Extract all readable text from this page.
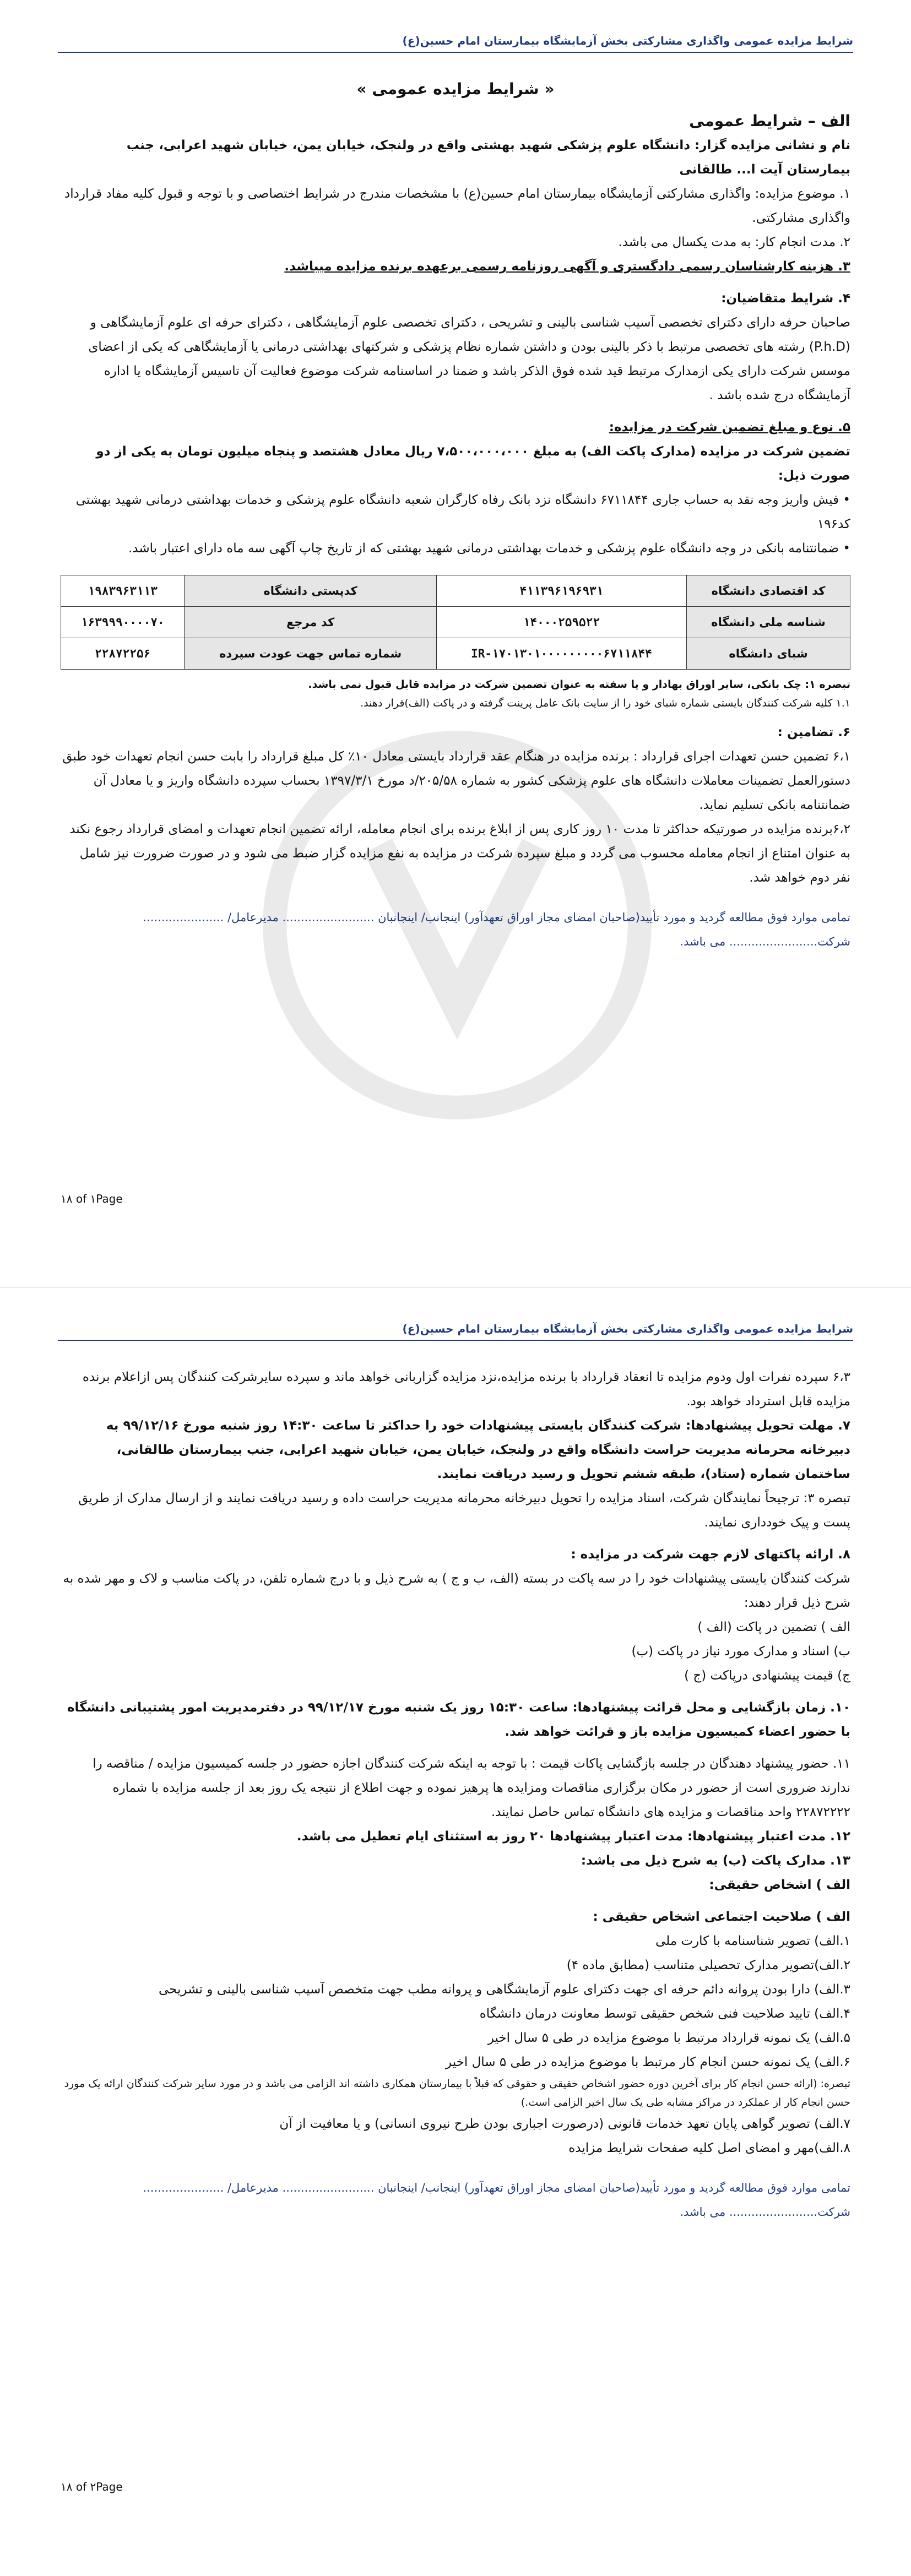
شرایط مزایده عمومی واگذاری مشارکتی بخش آزمایشگاه بیمارستان امام حسین(ع)

« شرایط مزایده عمومی »

الف – شرایط عمومی

نام و نشانی مزایده گزار: دانشگاه علوم پزشکی شهید بهشتی واقع در ولنجک، خیابان یمن، خیابان شهید اعرابی، جنب بیمارستان آیت ا... طالقانی

۱. موضوع مزایده: واگذاری مشارکتی آزمایشگاه بیمارستان امام حسین(ع) با مشخصات مندرج در شرایط اختصاصی و با توجه و قبول کلیه مفاد قرارداد واگذاری مشارکتی.

۲. مدت انجام کار: به مدت یکسال می باشد.

۳. هزینه کارشناسان رسمی دادگستری و آگهی روزنامه رسمی برعهده برنده مزایده میباشد.

۴. شرایط متقاضیان:

صاحبان حرفه دارای دکترای تخصصی آسیب شناسی بالینی و تشریحی ، دکترای تخصصی علوم آزمایشگاهی ، دکترای حرفه ای علوم آزمایشگاهی و (P.h.D) رشته های تخصصی مرتبط با ذکر بالینی بودن و داشتن شماره نظام پزشکی و شرکتهای بهداشتی درمانی یا آزمایشگاهی که یکی از اعضای موسس شرکت دارای یکی ازمدارک مرتبط قید شده فوق الذکر باشد و ضمنا در اساسنامه شرکت موضوع فعالیت آن تاسیس آزمایشگاه یا اداره آزمایشگاه درج شده باشد .

۵. نوع و مبلغ تضمین شرکت در مزایده:

تضمین شرکت در مزایده (مدارک پاکت الف) به مبلغ ۷،۵۰۰،۰۰۰،۰۰۰ ریال معادل هشتصد و پنجاه میلیون تومان به یکی از دو صورت ذیل:

• فیش واریز وجه نقد به حساب جاری ۶۷۱۱۸۴۴ دانشگاه نزد بانک رفاه کارگران شعبه دانشگاه علوم پزشکی و خدمات بهداشتی درمانی شهید بهشتی کد۱۹۶

• ضمانتنامه بانکی در وجه دانشگاه علوم پزشکی و خدمات بهداشتی درمانی شهید بهشتی که از تاریخ چاپ آگهی سه ماه دارای اعتبار باشد.

کد اقتصادی دانشگاه	۴۱۱۳۹۶۱۹۶۹۳۱	کدپستی دانشگاه	۱۹۸۳۹۶۳۱۱۳
شناسه ملی دانشگاه	۱۴۰۰۰۲۵۹۵۲۲	کد مرجع	۱۶۳۹۹۹۰۰۰۰۷۰
شبای دانشگاه	IR-۱۷۰۱۳۰۱۰۰۰۰۰۰۰۰۰۶۷۱۱۸۴۴	شماره تماس جهت عودت سپرده	۲۲۸۷۲۲۵۶

تبصره ۱: چک بانکی، سایر اوراق بهادار و یا سفته به عنوان تضمین شرکت در مزایده قابل قبول نمی باشد.

۱.۱ کلیه شرکت کنندگان بایستی شماره شبای خود را از سایت بانک عامل پرینت گرفته و در پاکت (الف)قرار دهند.

۶. تضامین :

۶،۱ تضمین حسن تعهدات اجرای قرارداد : برنده مزایده در هنگام عقد قرارداد بایستی معادل ۱۰٪ کل مبلغ قرارداد را بابت حسن انجام تعهدات خود طبق دستورالعمل تضمینات معاملات دانشگاه های علوم پزشکی کشور به شماره ۲۰۵/۵۸/د مورخ ۱۳۹۷/۳/۱ بحساب سپرده دانشگاه واریز و یا معادل آن ضمانتنامه بانکی تسلیم نماید.

۶،۲برنده مزایده در صورتیکه حداکثر تا مدت ۱۰ روز کاری پس از ابلاغ برنده برای انجام معامله، ارائه تضمین انجام تعهدات و امضای قرارداد رجوع نکند به عنوان امتناع از انجام معامله محسوب می گردد و مبلغ سپرده شرکت در مزایده به نفع مزایده گزار ضبط می شود و در صورت ضرورت نیز شامل نفر دوم خواهد شد.

تمامی موارد فوق مطالعه گردید و مورد تأیید(صاحبان امضای مجاز اوراق تعهدآور) اینجانب/ اینجانبان ......................... مدیرعامل/ ...................... شرکت........................ می باشد.

۱۸ of ۱Page
شرایط مزایده عمومی واگذاری مشارکتی بخش آزمایشگاه بیمارستان امام حسین(ع)

۶،۳ سپرده نفرات اول ودوم مزایده تا انعقاد قرارداد با برنده مزایده،نزد مزایده گزاربانی خواهد ماند و سپرده سایرشرکت کنندگان پس ازاعلام برنده مزایده قابل استرداد خواهد بود.

۷. مهلت تحویل پیشنهادها: شرکت کنندگان بایستی پیشنهادات خود را حداکثر تا ساعت ۱۴:۳۰ روز شنبه مورخ ۹۹/۱۲/۱۶ به دبیرخانه محرمانه مدیریت حراست دانشگاه واقع در ولنجک، خیابان یمن، خیابان شهید اعرابی، جنب بیمارستان طالقانی، ساختمان شماره (ستاد)، طبقه ششم تحویل و رسید دریافت نمایند.

تبصره ۳: ترجیحاً نمایندگان شرکت، اسناد مزایده را تحویل دبیرخانه محرمانه مدیریت حراست داده و رسید دریافت نمایند و از ارسال مدارک از طریق پست و پیک خودداری نمایند.

۸. ارائه پاکتهای لازم جهت شرکت در مزایده :

شرکت کنندگان بایستی پیشنهادات خود را در سه پاکت در بسته (الف، ب و ج ) به شرح ذیل و با درج شماره تلفن، در پاکت مناسب و لاک و مهر شده به شرح ذیل قرار دهند:

الف ) تضمین در پاکت (الف )

ب) اسناد و مدارک مورد نیاز در پاکت (ب)

ج) قیمت پیشنهادی درپاکت (ج )

۱۰. زمان بازگشایی و محل قرائت پیشنهادها: ساعت ۱۵:۳۰ روز یک شنبه مورخ ۹۹/۱۲/۱۷ در دفترمدیریت امور پشتیبانی دانشگاه با حضور اعضاء کمیسیون مزایده باز و قرائت خواهد شد.

۱۱. حضور پیشنهاد دهندگان در جلسه بازگشایی پاکات قیمت : با توجه به اینکه شرکت کنندگان اجازه حضور در جلسه کمیسیون مزایده / مناقصه را ندارند ضروری است از حضور در مکان برگزاری مناقصات ومزایده ها پرهیز نموده و جهت اطلاع از نتیجه یک روز بعد از جلسه مزایده با شماره ۲۲۸۷۲۲۲۲ واحد مناقصات و مزایده های دانشگاه تماس حاصل نمایند.

۱۲. مدت اعتبار پیشنهادها: مدت اعتبار پیشنهادها ۲۰ روز به استثنای ایام تعطیل می باشد.

۱۳. مدارک پاکت (ب) به شرح ذیل می باشد:

الف ) اشخاص حقیقی:

الف ) صلاحیت اجتماعی اشخاص حقیقی :

۱.الف) تصویر شناسنامه با کارت ملی

۲.الف)تصویر مدارک تحصیلی متناسب (مطابق ماده ۴)

۳.الف) دارا بودن پروانه دائم حرفه ای جهت دکترای علوم آزمایشگاهی و پروانه مطب جهت متخصص آسیب شناسی بالینی و تشریحی

۴.الف) تایید صلاحیت فنی شخص حقیقی توسط معاونت درمان دانشگاه

۵.الف) یک نمونه قرارداد مرتبط با موضوع مزایده در طی ۵ سال اخیر

۶.الف) یک نمونه حسن انجام کار مرتبط با موضوع مزایده در طی ۵ سال اخیر

تبصره: (ارائه حسن انجام کار برای آخرین دوره حضور اشخاص حقیقی و حقوقی که قبلاً با بیمارستان همکاری داشته اند الزامی می باشد و در مورد سایر شرکت کنندگان ارائه یک مورد حسن انجام کار از عملکرد در مراکز مشابه طی یک سال اخیر الزامی است.)

۷.الف) تصویر گواهی پایان تعهد خدمات قانونی (درصورت اجباری بودن طرح نیروی انسانی) و یا معافیت از آن

۸.الف)مهر و امضای اصل کلیه صفحات شرایط مزایده

تمامی موارد فوق مطالعه گردید و مورد تأیید(صاحبان امضای مجاز اوراق تعهدآور) اینجانب/ اینجانبان ......................... مدیرعامل/ ...................... شرکت........................ می باشد.

۱۸ of ۲Page
